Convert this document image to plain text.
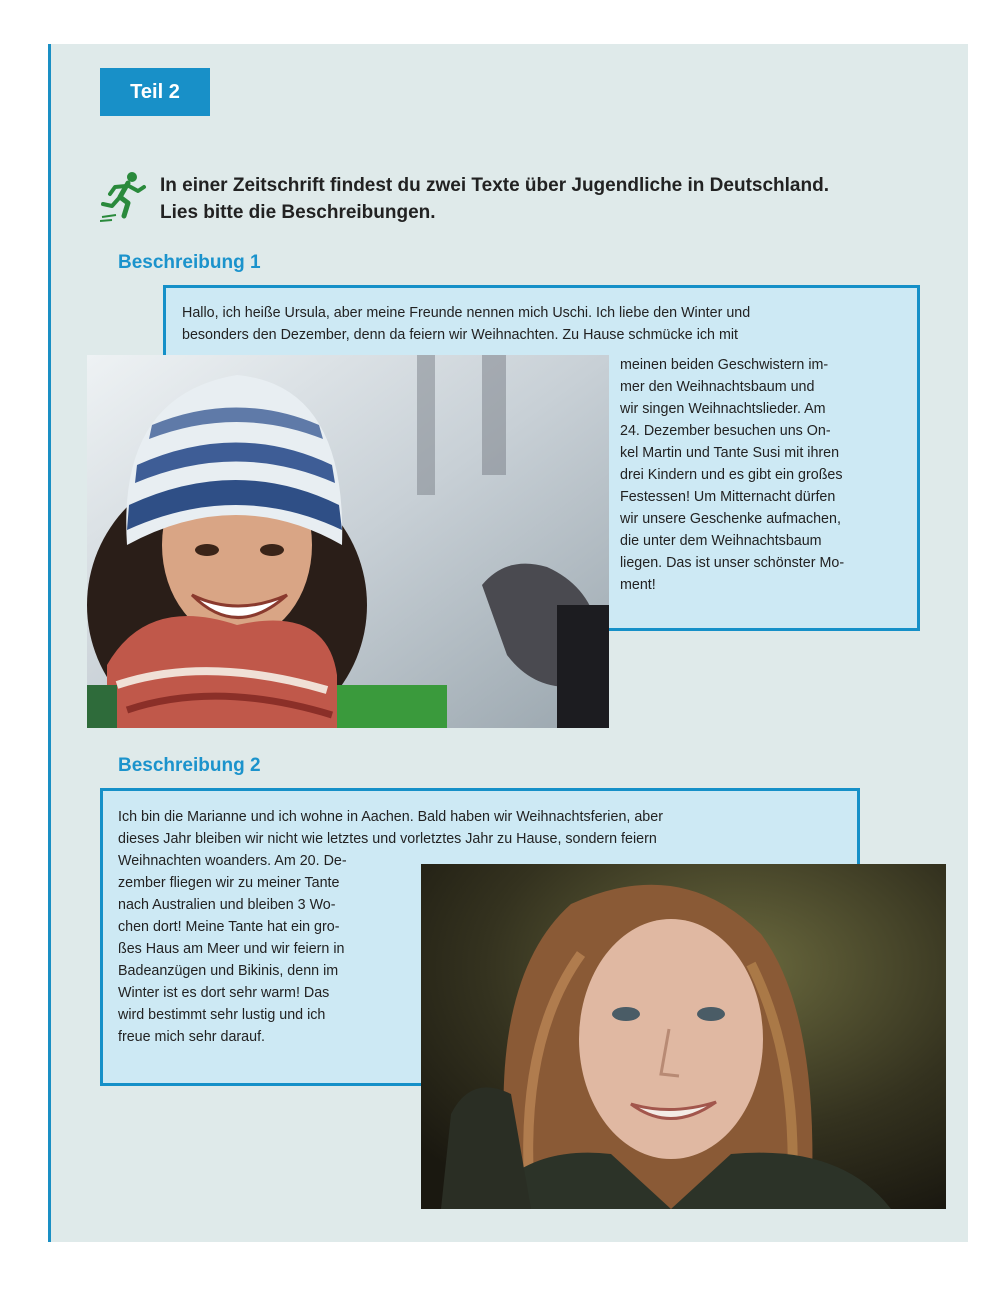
Teil 2
In einer Zeitschrift findest du zwei Texte über Jugendliche in Deutschland.
Lies bitte die Beschreibungen.
Beschreibung 1
Hallo, ich heiße Ursula, aber meine Freunde nennen mich Uschi. Ich liebe den Winter und
besonders den Dezember, denn da feiern wir Weihnachten. Zu Hause schmücke ich mit
meinen beiden Geschwistern im-
mer den Weihnachtsbaum und
wir singen Weihnachtslieder. Am
24. Dezember besuchen uns On-
kel Martin und Tante Susi mit ihren
drei Kindern und es gibt ein großes
Festessen! Um Mitternacht dürfen
wir unsere Geschenke aufmachen,
die unter dem Weihnachtsbaum
liegen. Das ist unser schönster Mo-
ment!
Beschreibung 2
Ich bin die Marianne und ich wohne in Aachen. Bald haben wir Weihnachtsferien, aber
dieses Jahr bleiben wir nicht wie letztes und vorletztes Jahr zu Hause, sondern feiern
Weihnachten woanders. Am 20. De-
zember fliegen wir zu meiner Tante
nach Australien und bleiben 3 Wo-
chen dort! Meine Tante hat ein gro-
ßes Haus am Meer und wir feiern in
Badeanzügen und Bikinis, denn im
Winter ist es dort sehr warm! Das
wird bestimmt sehr lustig und ich
freue mich sehr darauf.
